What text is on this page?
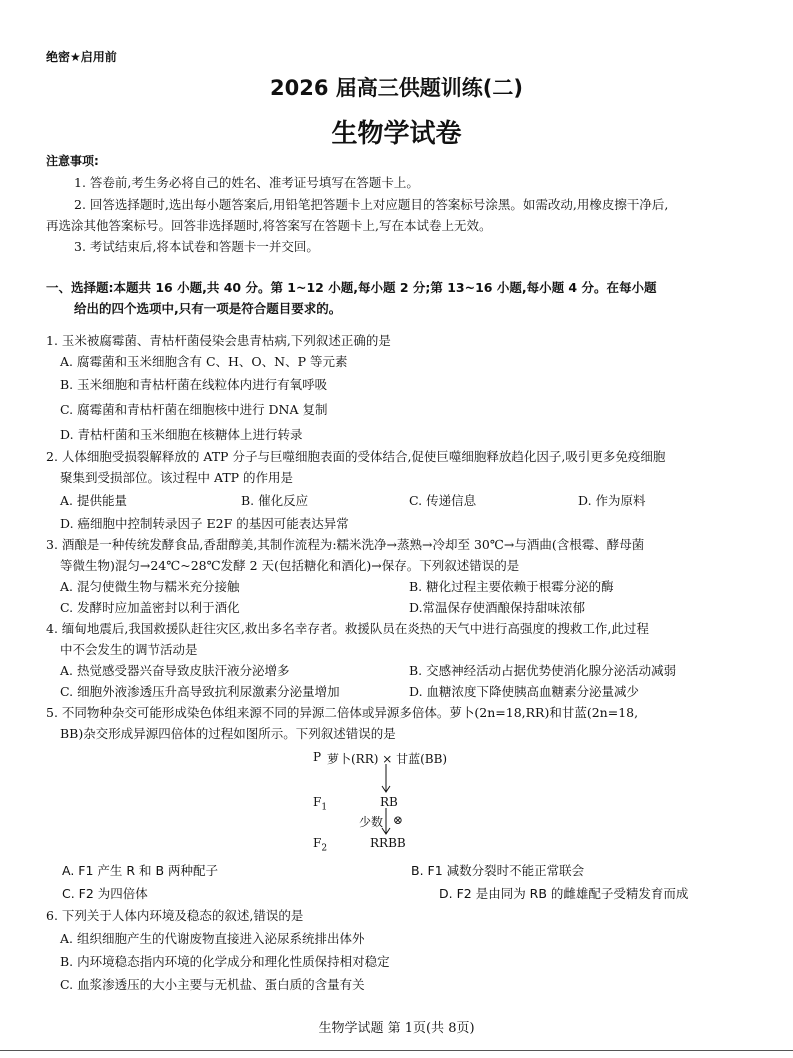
绝密★启用前
2026 届高三供题训练(二)
生物学试卷
注意事项:
1. 答卷前,考生务必将自己的姓名、准考证号填写在答题卡上。
2. 回答选择题时,选出每小题答案后,用铅笔把答题卡上对应题目的答案标号涂黑。如需改动,用橡皮擦干净后,
再选涂其他答案标号。回答非选择题时,将答案写在答题卡上,写在本试卷上无效。
3. 考试结束后,将本试卷和答题卡一并交回。
一、选择题:本题共 16 小题,共 40 分。第 1~12 小题,每小题 2 分;第 13~16 小题,每小题 4 分。在每小题
给出的四个选项中,只有一项是符合题目要求的。
1. 玉米被腐霉菌、青枯杆菌侵染会患青枯病,下列叙述正确的是
A. 腐霉菌和玉米细胞含有 C、H、O、N、P 等元素
B. 玉米细胞和青枯杆菌在线粒体内进行有氧呼吸
C. 腐霉菌和青枯杆菌在细胞核中进行 DNA 复制
D. 青枯杆菌和玉米细胞在核糖体上进行转录
2. 人体细胞受损裂解释放的 ATP 分子与巨噬细胞表面的受体结合,促使巨噬细胞释放趋化因子,吸引更多免疫细胞
聚集到受损部位。该过程中 ATP 的作用是
A. 提供能量	B. 催化反应	C. 传递信息	D. 作为原料
D. 癌细胞中控制转录因子 E2F 的基因可能表达异常
3. 酒酿是一种传统发酵食品,香甜醇美,其制作流程为:糯米洗净→蒸熟→冷却至 30℃→与酒曲(含根霉、酵母菌
等微生物)混匀→24℃~28℃发酵 2 天(包括糖化和酒化)→保存。下列叙述错误的是
A. 混匀使微生物与糯米充分接触	B. 糖化过程主要依赖于根霉分泌的酶
C. 发酵时应加盖密封以利于酒化	D.常温保存使酒酿保持甜味浓郁
4. 缅甸地震后,我国救援队赶往灾区,救出多名幸存者。救援队员在炎热的天气中进行高强度的搜救工作,此过程
中不会发生的调节活动是
A. 热觉感受器兴奋导致皮肤汗液分泌增多	B. 交感神经活动占据优势使消化腺分泌活动减弱
C. 细胞外液渗透压升高导致抗利尿激素分泌量增加	D. 血糖浓度下降使胰高血糖素分泌量减少
5. 不同物种杂交可能形成染色体组来源不同的异源二倍体或异源多倍体。萝卜(2n=18,RR)和甘蓝(2n=18,
BB)杂交形成异源四倍体的过程如图所示。下列叙述错误的是
P 萝卜(RR) × 甘蓝(BB)
$F_1$	RB
少数 ⊗
$F_2$	RRBB
A. F1 产生 R 和 B 两种配子	B. F1 减数分裂时不能正常联会
C. F2 为四倍体	D. F2 是由同为 RB 的雌雄配子受精发育而成
6. 下列关于人体内环境及稳态的叙述,错误的是
A. 组织细胞产生的代谢废物直接进入泌尿系统排出体外
B. 内环境稳态指内环境的化学成分和理化性质保持相对稳定
C. 血浆渗透压的大小主要与无机盐、蛋白质的含量有关
生物学试题 第 1页(共 8页)
